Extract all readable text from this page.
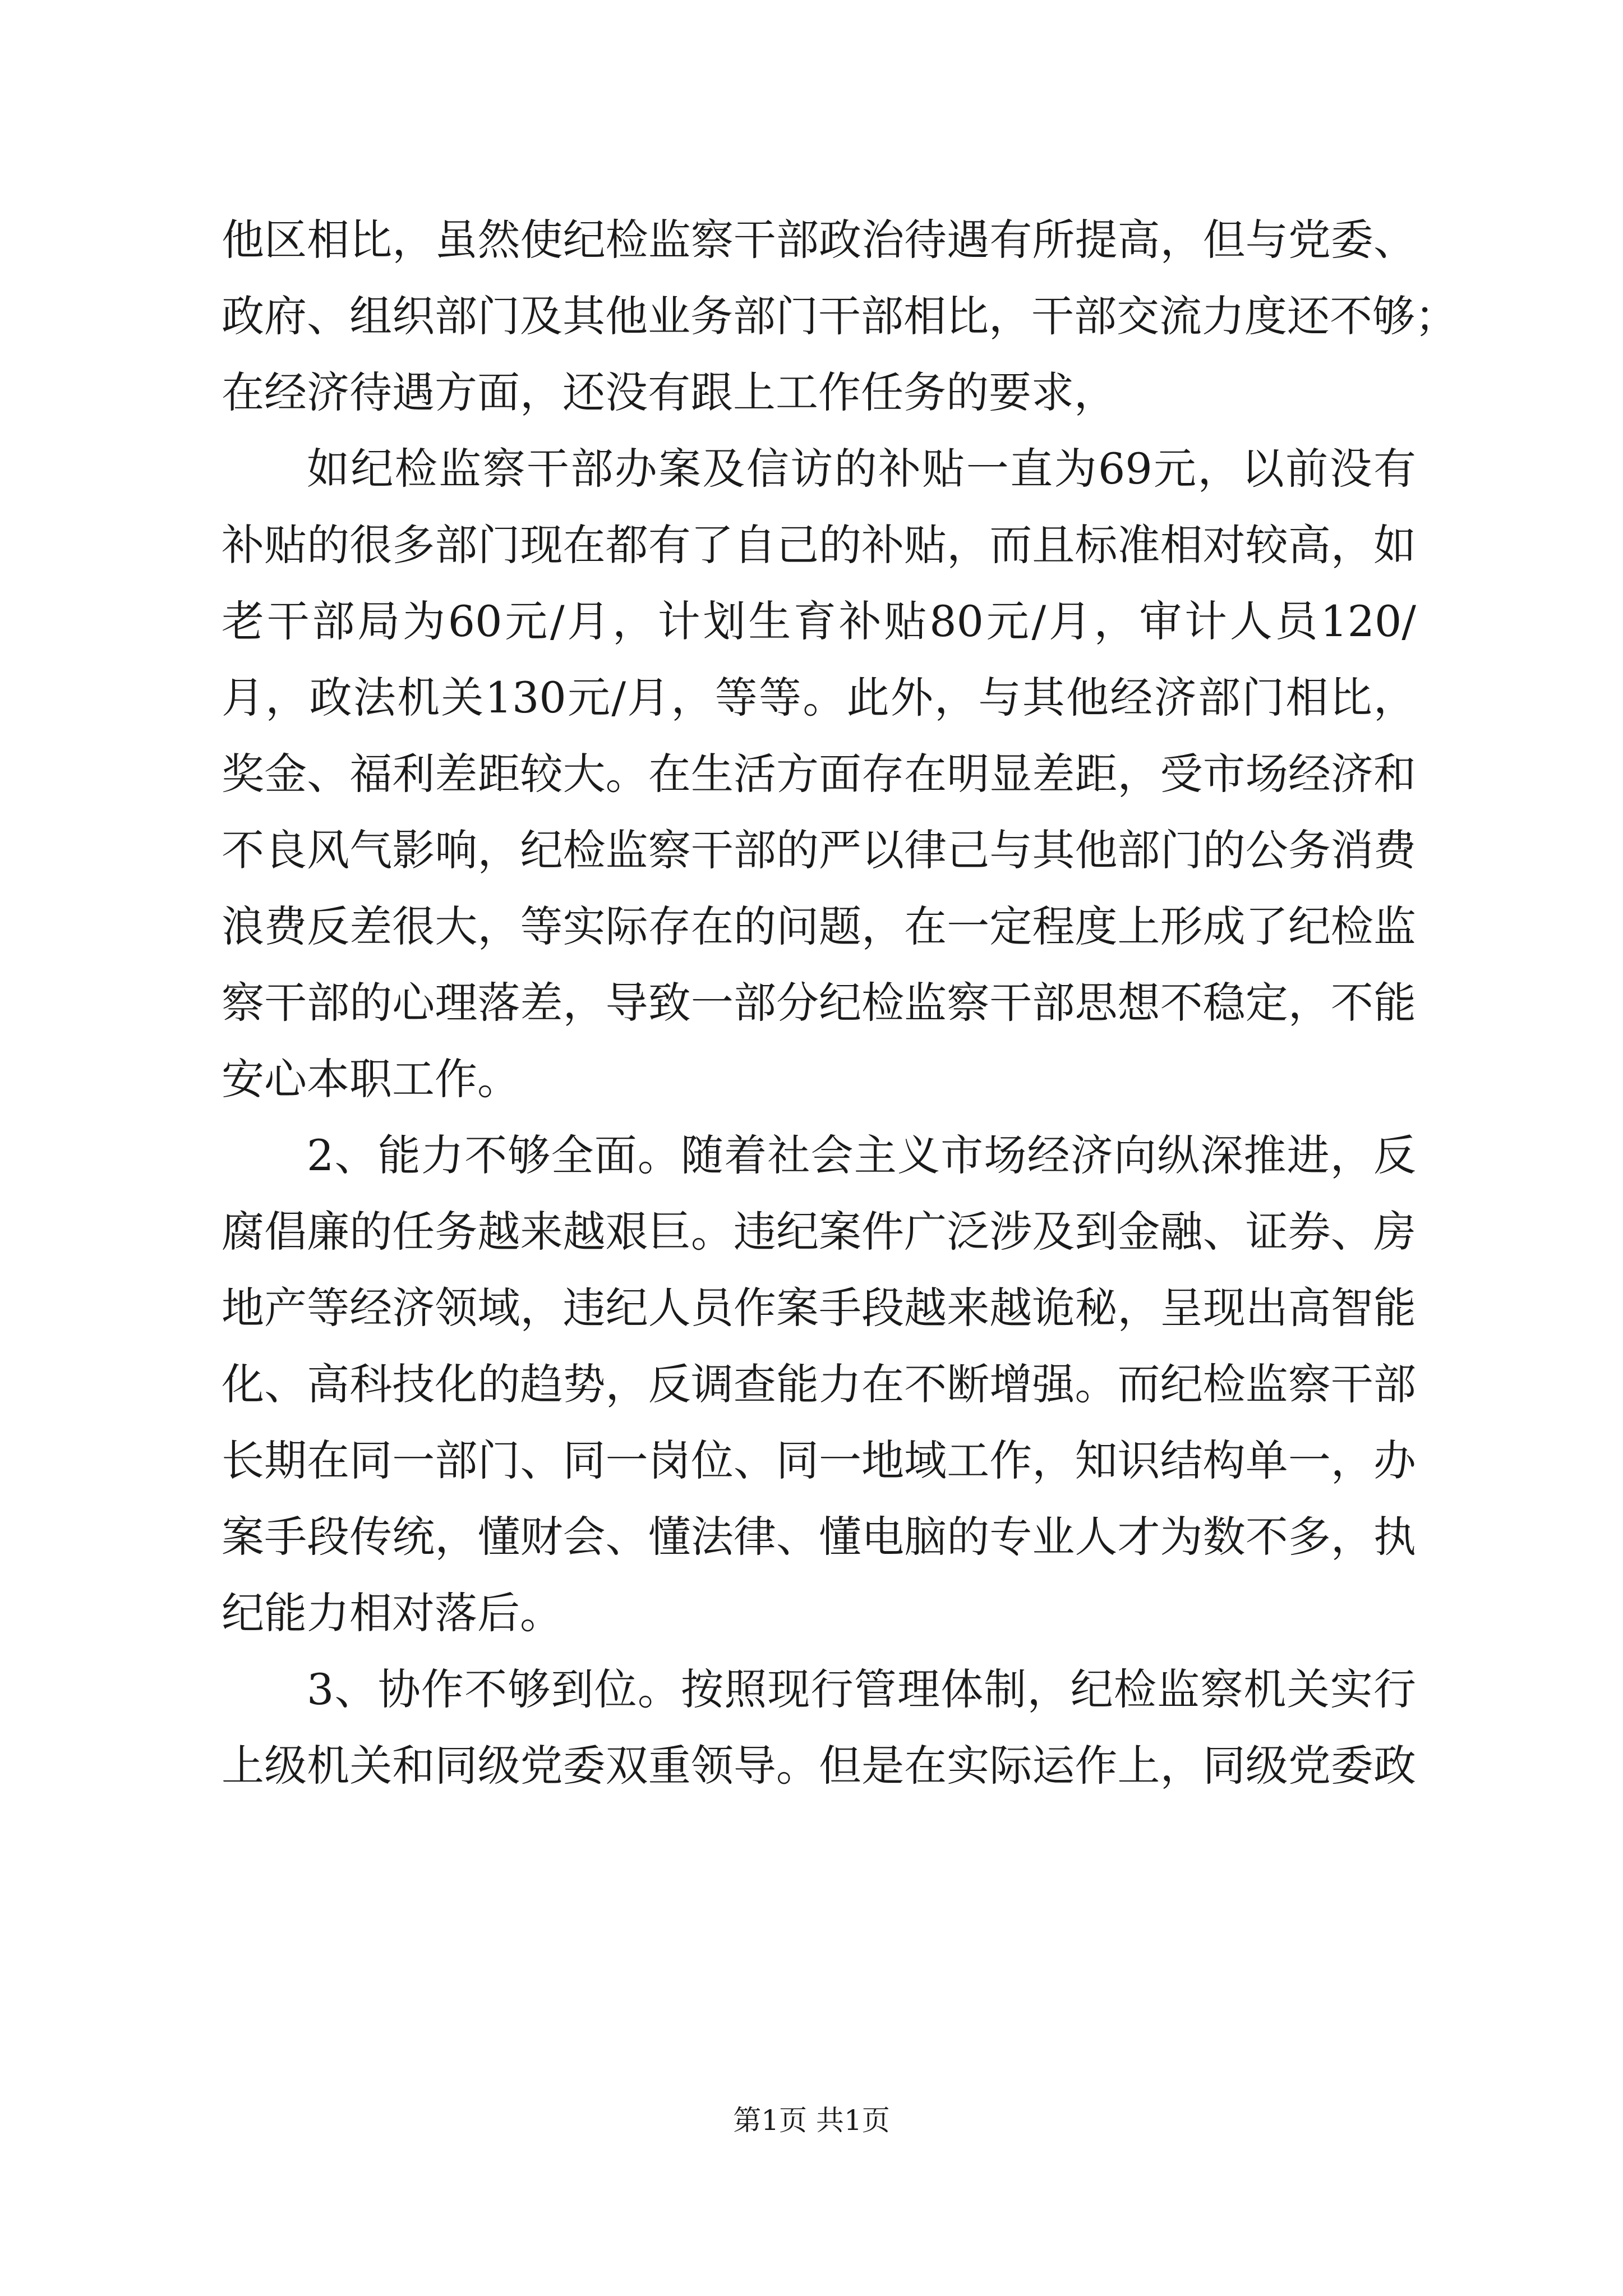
他区相比，虽然使纪检监察干部政治待遇有所提高，但与党委、
政府、组织部门及其他业务部门干部相比，干部交流力度还不够；
在经济待遇方面，还没有跟上工作任务的要求，
如纪检监察干部办案及信访的补贴一直为69元，以前没有
补贴的很多部门现在都有了自己的补贴，而且标准相对较高，如
老干部局为60元/月，计划生育补贴80元/月，审计人员120/
月，政法机关130元/月，等等。此外，与其他经济部门相比，
奖金、福利差距较大。在生活方面存在明显差距，受市场经济和
不良风气影响，纪检监察干部的严以律己与其他部门的公务消费
浪费反差很大，等实际存在的问题，在一定程度上形成了纪检监
察干部的心理落差，导致一部分纪检监察干部思想不稳定，不能
安心本职工作。
2、能力不够全面。随着社会主义市场经济向纵深推进，反
腐倡廉的任务越来越艰巨。违纪案件广泛涉及到金融、证券、房
地产等经济领域，违纪人员作案手段越来越诡秘，呈现出高智能
化、高科技化的趋势，反调查能力在不断增强。而纪检监察干部
长期在同一部门、同一岗位、同一地域工作，知识结构单一，办
案手段传统，懂财会、懂法律、懂电脑的专业人才为数不多，执
纪能力相对落后。
3、协作不够到位。按照现行管理体制，纪检监察机关实行
上级机关和同级党委双重领导。但是在实际运作上，同级党委政
第1页 共1页
